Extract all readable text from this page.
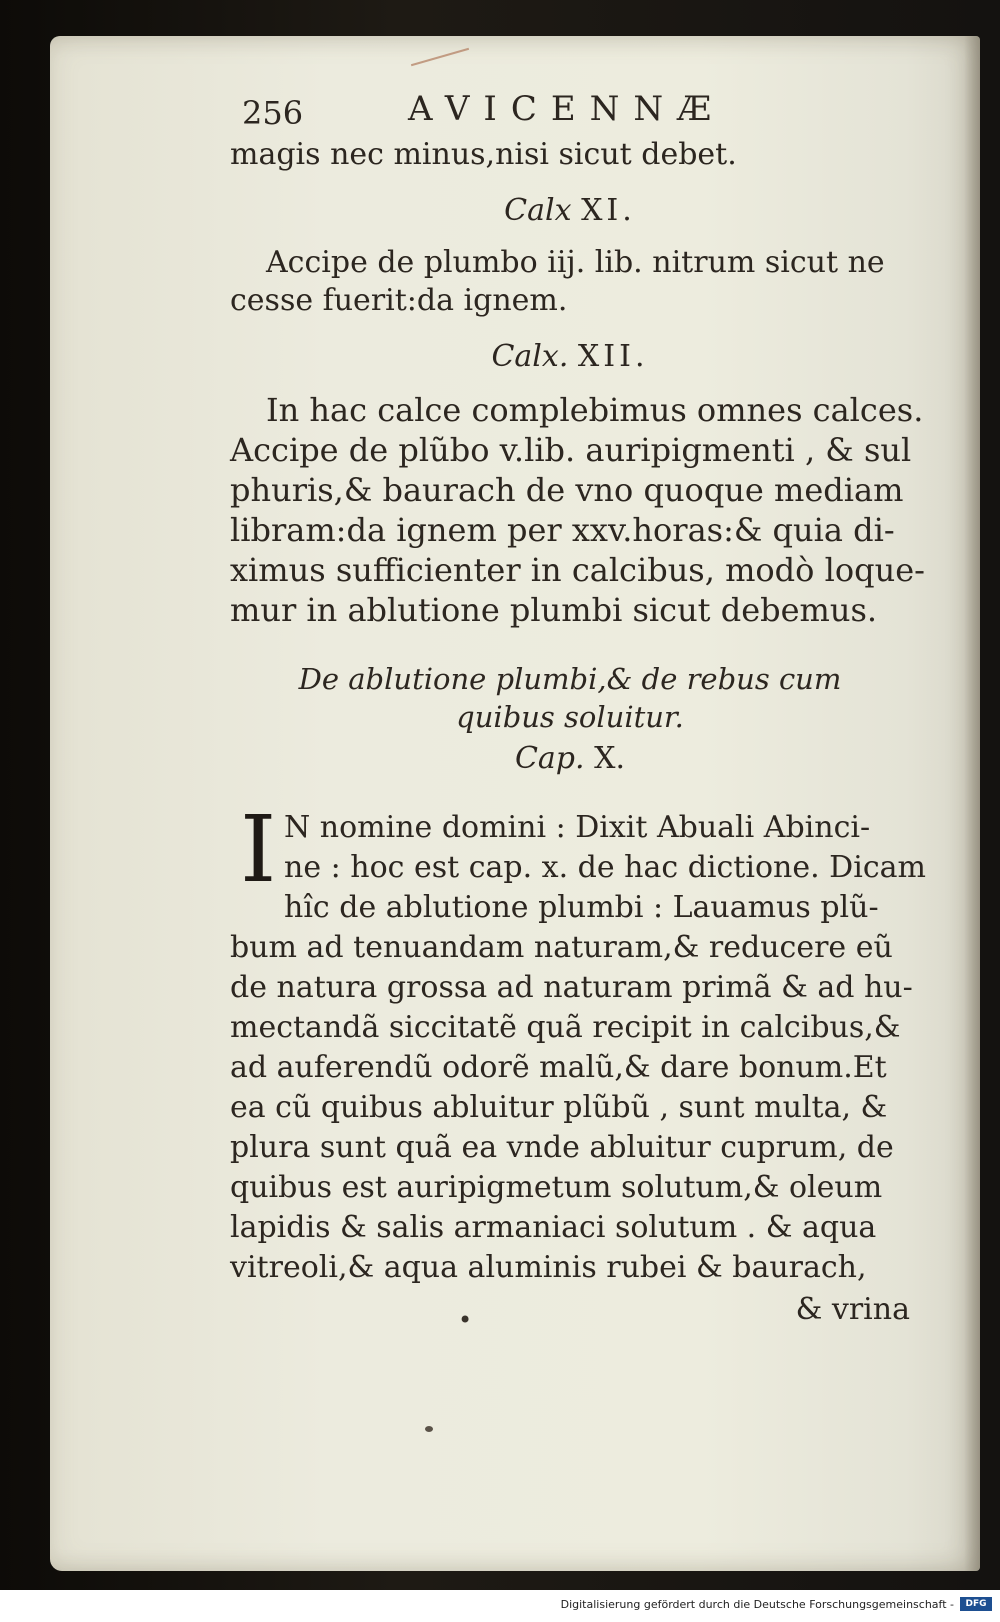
•
256	AVICENNÆ
magis nec minus,nisi sicut debet.
Calx XI.
Accipe de plumbo iij. lib. nitrum sicut ne
cesse fuerit:da ignem.
Calx. XII.
In hac calce complebimus omnes calces.
Accipe de plũbo v.lib. auripigmenti , & sul
phuris,& baurach de vno quoque mediam
libram:da ignem per xxv.horas:& quia di-
ximus sufficienter in calcibus, modò loque-
mur in ablutione plumbi sicut debemus.
De ablutione plumbi,& de rebus cum
quibus soluitur.
Cap. X.
I N nomine domini : Dixit Abuali Abinci-
ne : hoc est cap. x. de hac dictione. Dicam
hîc de ablutione plumbi : Lauamus plũ-
bum ad tenuandam naturam,& reducere eũ
de natura grossa ad naturam primã & ad hu-
mectandã siccitatẽ quã recipit in calcibus,&
ad auferendũ odorẽ malũ,& dare bonum.Et
ea cũ quibus abluitur plũbũ , sunt multa, &
plura sunt quã ea vnde abluitur cuprum, de
quibus est auripigmetum solutum,& oleum
lapidis & salis armaniaci solutum . & aqua
vitreoli,& aqua aluminis rubei & baurach,
& vrina
Digitalisierung gefördert durch die Deutsche Forschungsgemeinschaft -	DFG
